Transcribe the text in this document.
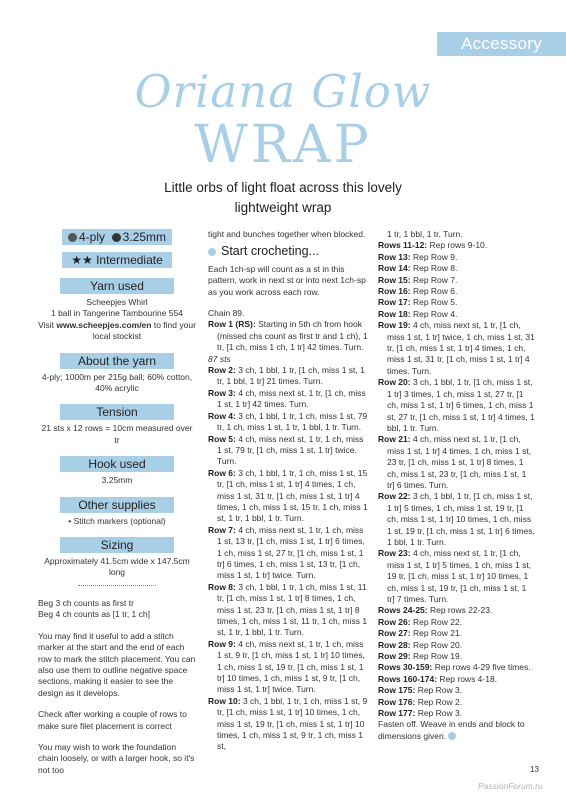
Accessory
Oriana Glow
WRAP
Little orbs of light float across this lovely
lightweight wrap
4-ply 3.25mm
★★ Intermediate
Yarn used
Scheepjes Whirl
1 ball in Tangerine Tambourine 554
Visit www.scheepjes.com/en to find your local stockist
About the yarn
4-ply; 1000m per 215g ball; 60% cotton, 40% acrylic
Tension
21 sts x 12 rows = 10cm measured over tr
Hook used
3.25mm
Other supplies
• Stitch markers (optional)
Sizing
Approximately 41.5cm wide x 147.5cm long

Beg 3 ch counts as first tr

Beg 4 ch counts as [1 tr, 1 ch]

You may find it useful to add a stitch marker at the start and the end of each row to mark the stitch placement. You can also use them to outline negative space sections, making it easier to see the design as it develops.

Check after working a couple of rows to make sure filet placement is correct

You may wish to work the foundation chain loosely, or with a larger hook, so it's not too

tight and bunches together when blocked.

Start crocheting...

Each 1ch-sp will count as a st in this pattern, work in next st or into next 1ch-sp as you work across each row.

Chain 89.

Row 1 (RS): Starting in 5th ch from hook (missed chs count as first tr and 1 ch), 1 tr, [1 ch, miss 1 ch, 1 tr] 42 times. Turn.

87 sts

Row 2: 3 ch, 1 bbl, 1 tr, [1 ch, miss 1 st, 1 tr, 1 bbl, 1 tr] 21 times. Turn.

Row 3: 4 ch, miss next st, 1 tr, [1 ch, miss 1 st, 1 tr] 42 times. Turn.

Row 4: 3 ch, 1 bbl, 1 tr, 1 ch, miss 1 st, 79 tr, 1 ch, miss 1 st, 1 tr, 1 bbl, 1 tr. Turn.

Row 5: 4 ch, miss next st, 1 tr, 1 ch, miss 1 st, 79 tr, [1 ch, miss 1 st, 1 tr] twice. Turn.

Row 6: 3 ch, 1 bbl, 1 tr, 1 ch, miss 1 st, 15 tr, [1 ch, miss 1 st, 1 tr] 4 times, 1 ch, miss 1 st, 31 tr, [1 ch, miss 1 st, 1 tr] 4 times, 1 ch, miss 1 st, 15 tr, 1 ch, miss 1 st, 1 tr, 1 bbl, 1 tr. Turn.

Row 7: 4 ch, miss next st, 1 tr, 1 ch, miss 1 st, 13 tr, [1 ch, miss 1 st, 1 tr] 6 times, 1 ch, miss 1 st, 27 tr, [1 ch, miss 1 st, 1 tr] 6 times, 1 ch, miss 1 st, 13 tr, [1 ch, miss 1 st, 1 tr] twice. Turn.

Row 8: 3 ch, 1 bbl, 1 tr, 1 ch, miss 1 st, 11 tr, [1 ch, miss 1 st, 1 tr] 8 times, 1 ch, miss 1 st, 23 tr, [1 ch, miss 1 st, 1 tr] 8 times, 1 ch, miss 1 st, 11 tr, 1 ch, miss 1 st, 1 tr, 1 bbl, 1 tr. Turn.

Row 9: 4 ch, miss next st, 1 tr, 1 ch, miss 1 st, 9 tr, [1 ch, miss 1 st, 1 tr] 10 times, 1 ch, miss 1 st, 19 tr, [1 ch, miss 1 st, 1 tr] 10 times, 1 ch, miss 1 st, 9 tr, [1 ch, miss 1 st, 1 tr] twice. Turn.

Row 10: 3 ch, 1 bbl, 1 tr, 1 ch, miss 1 st, 9 tr, [1 ch, miss 1 st, 1 tr] 10 times, 1 ch, miss 1 st, 19 tr, [1 ch, miss 1 st, 1 tr] 10 times, 1 ch, miss 1 st, 9 tr, 1 ch, miss 1 st,

1 tr, 1 bbl, 1 tr. Turn.

Rows 11-12: Rep rows 9-10.

Row 13: Rep Row 9.

Row 14: Rep Row 8.

Row 15: Rep Row 7.

Row 16: Rep Row 6.

Row 17: Rep Row 5.

Row 18: Rep Row 4.

Row 19: 4 ch, miss next st, 1 tr, [1 ch, miss 1 st, 1 tr] twice, 1 ch, miss 1 st, 31 tr, [1 ch, miss 1 st, 1 tr] 4 times, 1 ch, miss 1 st, 31 tr, [1 ch, miss 1 st, 1 tr] 4 times. Turn.

Row 20: 3 ch, 1 bbl, 1 tr, [1 ch, miss 1 st, 1 tr] 3 times, 1 ch, miss 1 st, 27 tr, [1 ch, miss 1 st, 1 tr] 6 times, 1 ch, miss 1 st, 27 tr, [1 ch, miss 1 st, 1 tr] 4 times, 1 bbl, 1 tr. Turn.

Row 21: 4 ch, miss next st, 1 tr, [1 ch, miss 1 st, 1 tr] 4 times, 1 ch, miss 1 st, 23 tr, [1 ch, miss 1 st, 1 tr] 8 times, 1 ch, miss 1 st, 23 tr, [1 ch, miss 1 st, 1 tr] 6 times. Turn.

Row 22: 3 ch, 1 bbl, 1 tr, [1 ch, miss 1 st, 1 tr] 5 times, 1 ch, miss 1 st, 19 tr, [1 ch, miss 1 st, 1 tr] 10 times, 1 ch, miss 1 st, 19 tr, [1 ch, miss 1 st, 1 tr] 6 times, 1 bbl, 1 tr. Turn.

Row 23: 4 ch, miss next st, 1 tr, [1 ch, miss 1 st, 1 tr] 5 times, 1 ch, miss 1 st, 19 tr, [1 ch, miss 1 st, 1 tr] 10 times, 1 ch, miss 1 st, 19 tr, [1 ch, miss 1 st, 1 tr] 7 times. Turn.

Rows 24-25: Rep rows 22-23.

Row 26: Rep Row 22.

Row 27: Rep Row 21.

Row 28: Rep Row 20.

Row 29: Rep Row 19.

Rows 30-159: Rep rows 4-29 five times.

Rows 160-174: Rep rows 4-18.

Row 175: Rep Row 3.

Row 176: Rep Row 2.

Row 177: Rep Row 3.

Fasten off. Weave in ends and block to dimensions given.

13
PassionForum.ru
